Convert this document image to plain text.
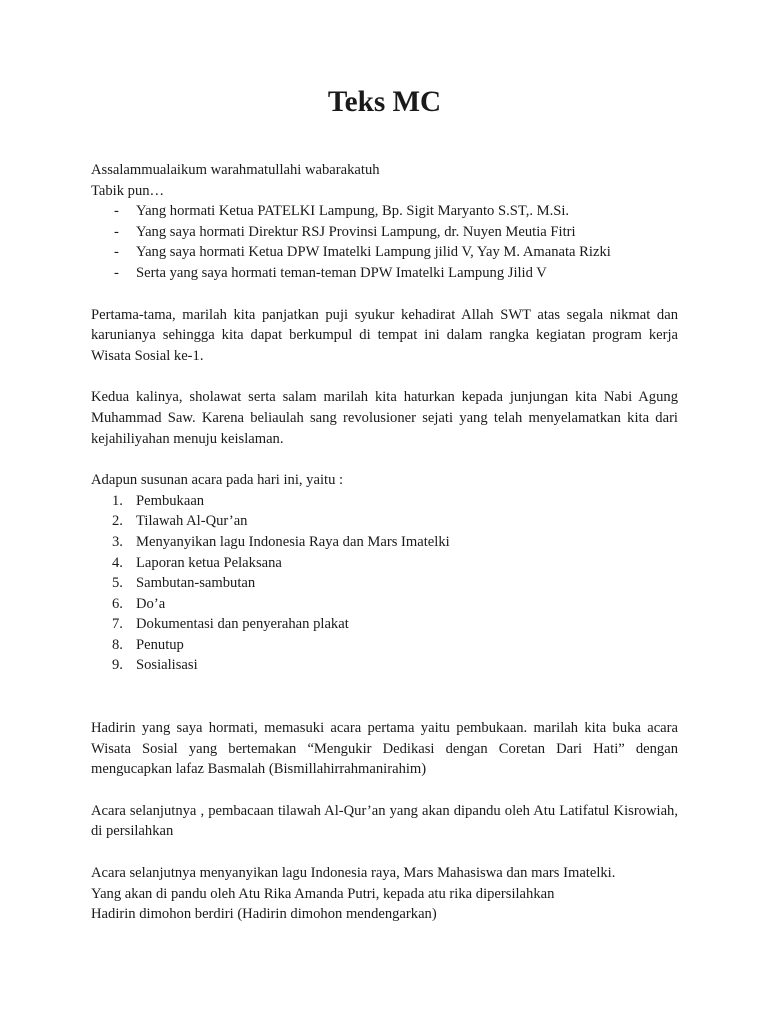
Teks MC

Assalammualaikum warahmatullahi wabarakatuh

Tabik pun…

- Yang hormati Ketua PATELKI Lampung, Bp. Sigit Maryanto S.ST,. M.Si.
- Yang saya hormati Direktur RSJ Provinsi Lampung, dr. Nuyen Meutia Fitri
- Yang saya hormati Ketua DPW Imatelki Lampung jilid V, Yay M. Amanata Rizki
- Serta yang saya hormati teman-teman DPW Imatelki Lampung Jilid V

Pertama-tama, marilah kita panjatkan puji syukur kehadirat Allah SWT atas segala nikmat dan karunianya sehingga kita dapat berkumpul di tempat ini dalam rangka kegiatan program kerja Wisata Sosial ke-1.

Kedua kalinya, sholawat serta salam marilah kita haturkan kepada junjungan kita Nabi Agung Muhammad Saw. Karena beliaulah sang revolusioner sejati yang telah menyelamatkan kita dari kejahiliyahan menuju keislaman.

Adapun susunan acara pada hari ini, yaitu :

1. Pembukaan
2. Tilawah Al-Qur’an
3. Menyanyikan lagu Indonesia Raya dan Mars Imatelki
4. Laporan ketua Pelaksana
5. Sambutan-sambutan
6. Do’a
7. Dokumentasi dan penyerahan plakat
8. Penutup
9. Sosialisasi

Hadirin yang saya hormati, memasuki acara pertama yaitu pembukaan. marilah kita buka acara Wisata Sosial yang bertemakan “Mengukir Dedikasi dengan Coretan Dari Hati” dengan mengucapkan lafaz Basmalah (Bismillahirrahmanirahim)

Acara selanjutnya , pembacaan tilawah Al-Qur’an yang akan dipandu oleh Atu Latifatul Kisrowiah, di persilahkan

Acara selanjutnya menyanyikan lagu Indonesia raya, Mars Mahasiswa dan mars Imatelki.

Yang akan di pandu oleh Atu Rika Amanda Putri, kepada atu rika dipersilahkan

Hadirin dimohon berdiri (Hadirin dimohon mendengarkan)
